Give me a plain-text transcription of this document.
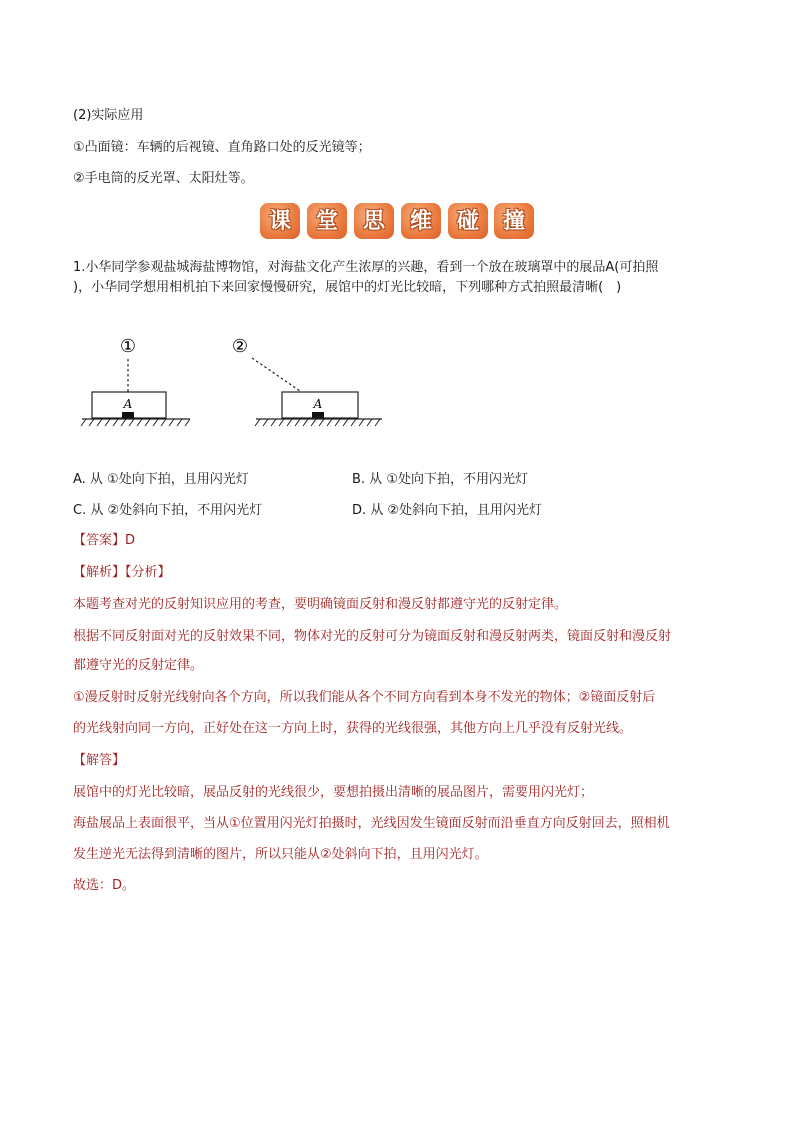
(2)实际应用
①凸面镜：车辆的后视镜、直角路口处的反光镜等；
②手电筒的反光罩、太阳灶等。
课	堂	思	维	碰	撞
1.小华同学参观盐城海盐博物馆，对海盐文化产生浓厚的兴趣，看到一个放在玻璃罩中的展品A(可拍照
)，小华同学想用相机拍下来回家慢慢研究，展馆中的灯光比较暗，下列哪种方式拍照最清晰(　)
①
A
②
A
A. 从 ①处向下拍，且用闪光灯	B. 从 ①处向下拍，不用闪光灯
C. 从 ②处斜向下拍，不用闪光灯	D. 从 ②处斜向下拍，且用闪光灯
【答案】D
【解析】【分析】
本题考查对光的反射知识应用的考查，要明确镜面反射和漫反射都遵守光的反射定律。
根据不同反射面对光的反射效果不同，物体对光的反射可分为镜面反射和漫反射两类，镜面反射和漫反射
都遵守光的反射定律。
①漫反射时反射光线射向各个方向，所以我们能从各个不同方向看到本身不发光的物体；②镜面反射后
的光线射向同一方向，正好处在这一方向上时，获得的光线很强，其他方向上几乎没有反射光线。
【解答】
展馆中的灯光比较暗，展品反射的光线很少，要想拍摄出清晰的展品图片，需要用闪光灯；
海盐展品上表面很平，当从①位置用闪光灯拍摄时，光线因发生镜面反射而沿垂直方向反射回去，照相机
发生逆光无法得到清晰的图片，所以只能从②处斜向下拍，且用闪光灯。
故选：D。
